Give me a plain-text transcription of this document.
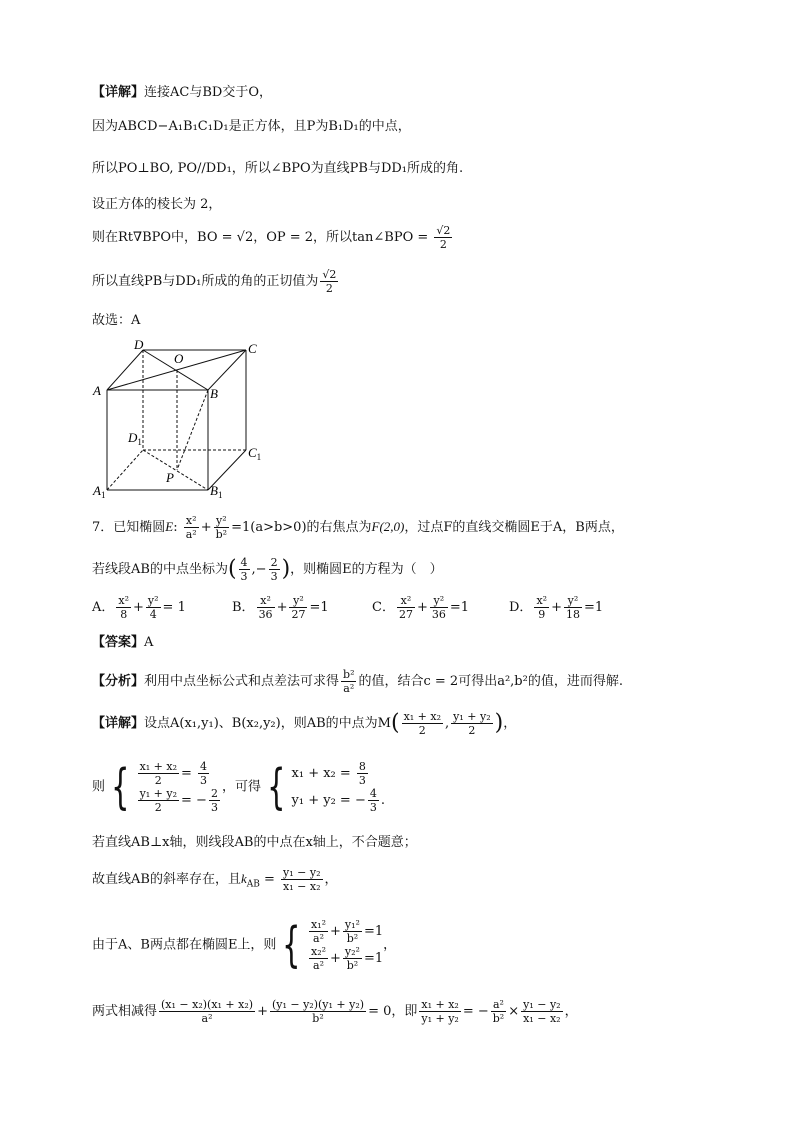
【详解】连接AC与BD交于O，
因为ABCD−A₁B₁C₁D₁是正方体，且P为B₁D₁的中点，
所以PO⊥BO, PO//DD₁，所以∠BPO为直线PB与DD₁所成的角.
设正方体的棱长为 2，
则在Rt∇BPO中，BO = √2，OP = 2，所以tan∠BPO = $\frac{√2}{2}$
所以直线PB与DD₁所成的角的正切值为 $\frac{√2}{2}$
故选：A
D
O
C
A	B
$D_1$
$C_1$
P
$A_1$	$B_1$
7．已知椭圆E: $\frac{\text{x²}}{\text{a²}} + \frac{\text{y²}}{\text{b²}} =1(a>b>0)$的右焦点为F(2,0)，过点F的直线交椭圆E于A，B两点，
若线段AB的中点坐标为( $\frac{4}{3}$ ,− $\frac{2}{3}$ )，则椭圆E的方程为（　）
A． $\frac{\text{x²}}{8} + \frac{\text{y²}}{4} = 1$	B． $\frac{\text{x²}}{36} + \frac{\text{y²}}{27} =1$	C． $\frac{\text{x²}}{27} + \frac{\text{y²}}{36} =1$	D． $\frac{\text{x²}}{9} + \frac{\text{y²}}{18} =1$
【答案】A
【分析】利用中点坐标公式和点差法可求得 $\frac{\text{b²}}{\text{a²}}$ 的值，结合c = 2可得出a²,b²的值，进而得解.
【详解】设点A(x₁,y₁)、B(x₂,y₂)，则AB的中点为$M( \frac{\text{x₁ + x₂}}{2}$ , $\frac{\text{y₁ + y₂}}{2}$ )，
则 { $\frac{\text{x₁ + x₂}}{2} = \frac{4}{3}$
$\frac{\text{y₁ + y₂}}{2}$ = − $\frac{2}{3}$ ，可得 { $x_1 + x_2 = \frac{8}{3}$
y₁ + y₂ = − $\frac{4}{3}$ .
若直线AB⊥x轴，则线段AB的中点在x轴上，不合题意；
故直线AB的斜率存在，且$k_{AB} = \frac{\text{y₁ − y₂}}{\text{x₁ − x₂}}$ ，
由于A、B两点都在椭圆E上，则 { $\frac{\text{x₁²}}{\text{a²}} + \frac{\text{y₁²}}{\text{b²}} =1$
$\frac{\text{x₂²}}{\text{a²}} + \frac{\text{y₂²}}{\text{b²}} =1$
，
两式相减得 $\frac{\text{(x₁ − x₂)(x₁ + x₂)}}{\text{a²}} + \frac{\text{(y₁ − y₂)(y₁ + y₂)}}{\text{b²}} = 0$，即 $\frac{\text{x₁ + x₂}}{\text{y₁ + y₂}}$ = − $\frac{\text{a²}}{\text{b²}} \times \frac{\text{y₁ − y₂}}{\text{x₁ − x₂}}$ ，
